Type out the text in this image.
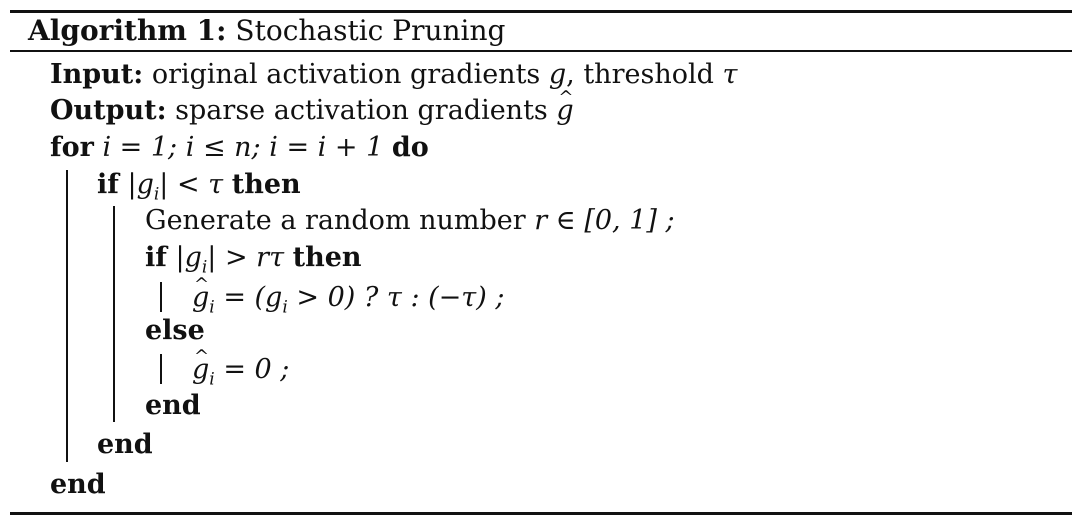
Algorithm 1: Stochastic Pruning
Input: original activation gradients g, threshold τ
Output: sparse activation gradients ^ g
for i = 1; i ≤ n; i = i + 1 do
if $|g_i| < \tau$ then
Generate a random number r ∈ [0, 1] ;
if $|g_i| > r\tau$ then
^ $g_i = (g_i > 0)$ ? τ : (−τ) ;
else
^ $g_i = 0$ ;
end
end
end
